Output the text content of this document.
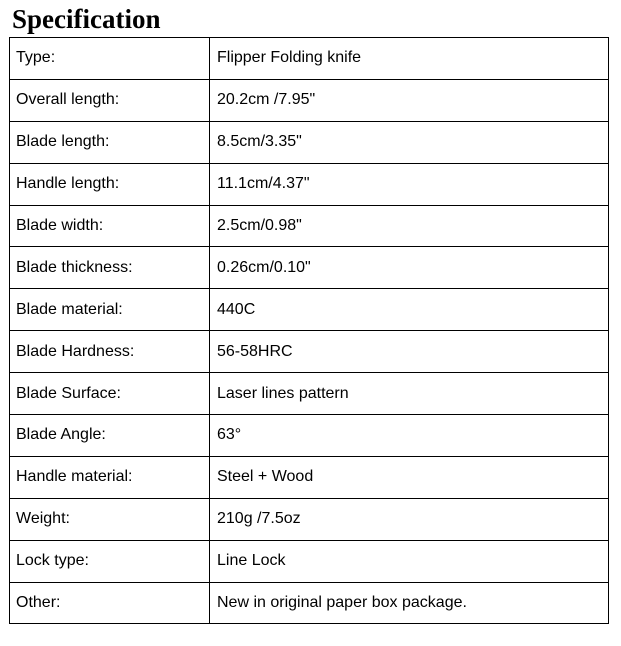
Specification
Type:	Flipper Folding knife
Overall length:	20.2cm /7.95"
Blade length:	8.5cm/3.35"
Handle length:	11.1cm/4.37"
Blade width:	2.5cm/0.98"
Blade thickness:	0.26cm/0.10"
Blade material:	440C
Blade Hardness:	56-58HRC
Blade Surface:	Laser lines pattern
Blade Angle:	63°
Handle material:	Steel + Wood
Weight:	210g /7.5oz
Lock type:	Line Lock
Other:	New in original paper box package.
